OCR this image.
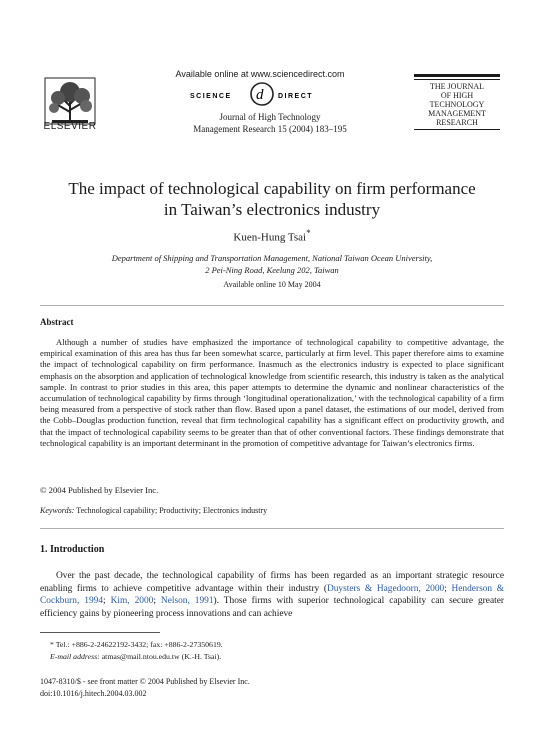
ELSEVIER
Available online at www.sciencedirect.com
SCIENCE d DIRECT
Journal of High Technology
Management Research 15 (2004) 183–195
THE JOURNAL
OF HIGH
TECHNOLOGY
MANAGEMENT
RESEARCH
The impact of technological capability on firm performance
in Taiwan’s electronics industry
Kuen-Hung Tsai*
Department of Shipping and Transportation Management, National Taiwan Ocean University,
2 Pei-Ning Road, Keelung 202, Taiwan
Available online 10 May 2004
Abstract
Although a number of studies have emphasized the importance of technological capability to competitive advantage, the empirical examination of this area has thus far been somewhat scarce, particularly at firm level. This paper therefore aims to examine the impact of technological capability on firm performance. Inasmuch as the electronics industry is expected to place significant emphasis on the absorption and application of technological knowledge from scientific research, this industry is taken as the analytical sample. In contrast to prior studies in this area, this paper attempts to determine the dynamic and nonlinear characteristics of the accumulation of technological capability by firms through ‘longitudinal operationalization,’ with the technological capability of a firm being measured from a perspective of stock rather than flow. Based upon a panel dataset, the estimations of our model, derived from the Cobb–Douglas production function, reveal that firm technological capability has a significant effect on productivity growth, and that the impact of technological capability seems to be greater than that of other conventional factors. These findings demonstrate that technological capability is an important determinant in the promotion of competitive advantage for Taiwan’s electronics firms.
© 2004 Published by Elsevier Inc.
Keywords: Technological capability; Productivity; Electronics industry
1. Introduction
Over the past decade, the technological capability of firms has been regarded as an important strategic resource enabling firms to achieve competitive advantage within their industry (Duysters & Hagedoorn, 2000; Henderson & Cockburn, 1994; Kim, 2000; Nelson, 1991). Those firms with superior technological capability can secure greater efficiency gains by pioneering process innovations and can achieve
* Tel.: +886-2-24622192-3432; fax: +886-2-27350619.
E-mail address: atmas@mail.ntou.edu.tw (K.-H. Tsai).
1047-8310/$ - see front matter © 2004 Published by Elsevier Inc.
doi:10.1016/j.hitech.2004.03.002
